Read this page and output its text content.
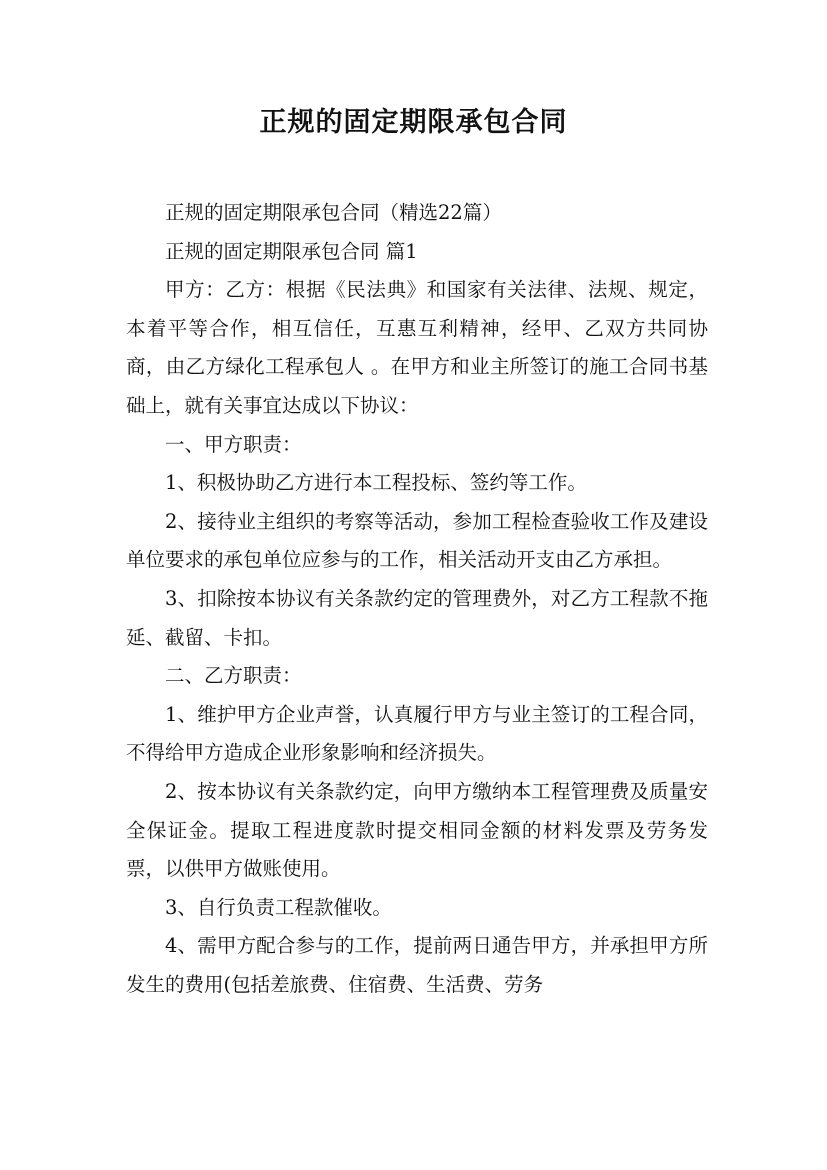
正规的固定期限承包合同

正规的固定期限承包合同（精选22篇）

正规的固定期限承包合同 篇1

甲方：乙方：根据《民法典》和国家有关法律、法规、规定，本着平等合作，相互信任，互惠互利精神，经甲、乙双方共同协商，由乙方绿化工程承包人 。在甲方和业主所签订的施工合同书基础上，就有关事宜达成以下协议：

一、甲方职责：

1、积极协助乙方进行本工程投标、签约等工作。

2、接待业主组织的考察等活动，参加工程检查验收工作及建设单位要求的承包单位应参与的工作，相关活动开支由乙方承担。

3、扣除按本协议有关条款约定的管理费外，对乙方工程款不拖延、截留、卡扣。

二、乙方职责：

1、维护甲方企业声誉，认真履行甲方与业主签订的工程合同，不得给甲方造成企业形象影响和经济损失。

2、按本协议有关条款约定，向甲方缴纳本工程管理费及质量安全保证金。提取工程进度款时提交相同金额的材料发票及劳务发票，以供甲方做账使用。

3、自行负责工程款催收。

4、需甲方配合参与的工作，提前两日通告甲方，并承担甲方所发生的费用(包括差旅费、住宿费、生活费、劳务
